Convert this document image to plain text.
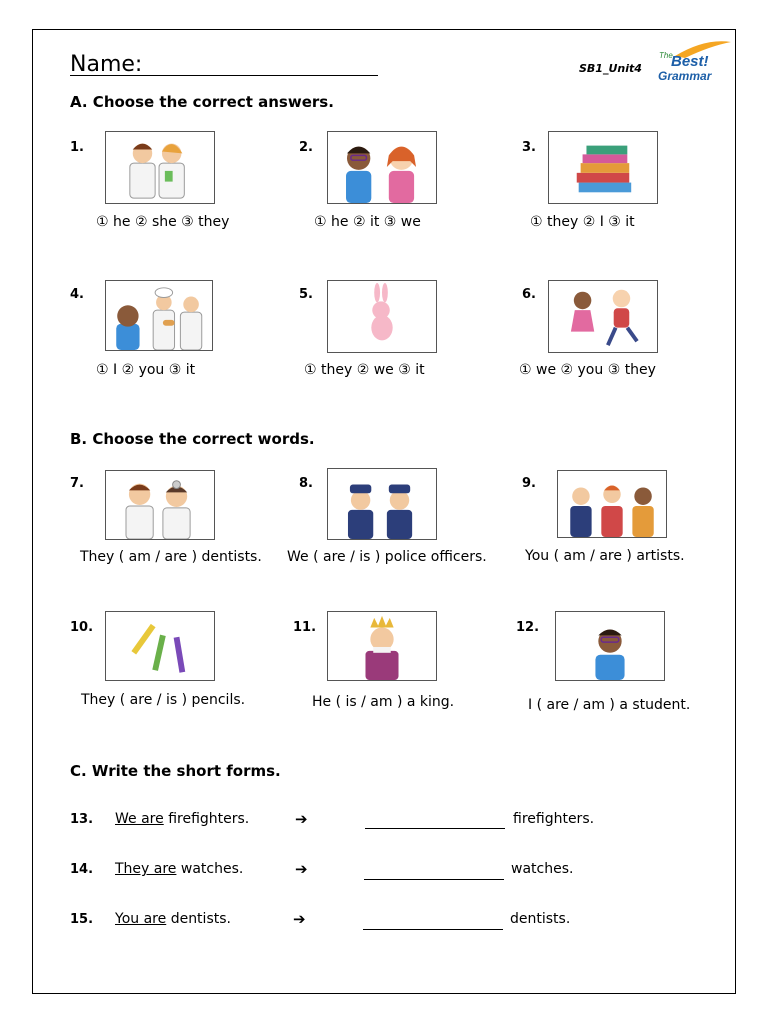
Name:	SB1_Unit4
The
Best!
Grammar
A. Choose the correct answers.
1.
① he ② she ③ they
2.
① he ② it ③ we
3.
① they ② I ③ it
4.
① I ② you ③ it
5.
① they ② we ③ it
6.
① we ② you ③ they
B. Choose the correct words.
7.
They ( am / are ) dentists.
8.
We ( are / is ) police officers.
9.
You ( am / are ) artists.
10.
They ( are / is ) pencils.
11.
He ( is / am ) a king.
12.
I ( are / am ) a student.
C. Write the short forms.
13. We are firefighters.	➔	firefighters.
14. They are watches.	➔	watches.
15. You are dentists.	➔	dentists.
